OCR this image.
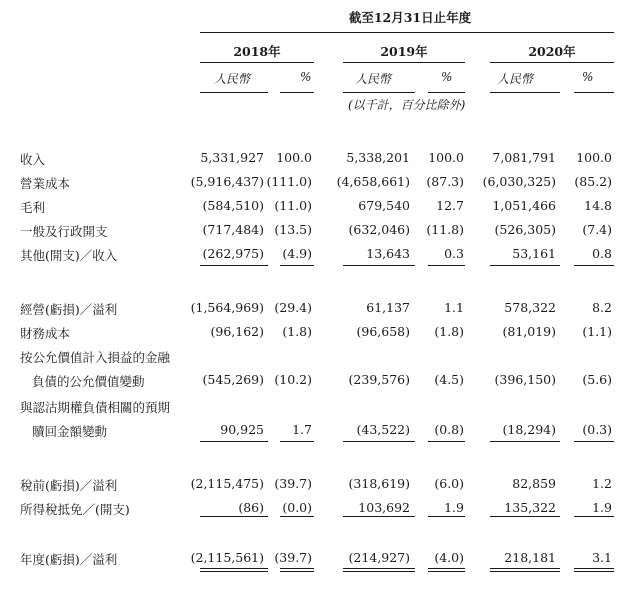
截至12月31日止年度
2018年	2019年	2020年
人民幣	%	人民幣	%	人民幣	%
(以千計，百分比除外)
收入	5,331,927 100.0	5,338,201	100.0	7,081,791	100.0
營業成本	(5,916,437) (111.0)	(4,658,661)	(87.3)	(6,030,325)	(85.2)
毛利	(584,510) (11.0)	679,540	12.7	1,051,466	14.8
一般及行政開支	(717,484) (13.5)	(632,046)	(11.8)	(526,305)	(7.4)
其他(開支)／收入	(262,975)	(4.9)	13,643	0.3	53,161	0.8
經營(虧損)／溢利	(1,564,969) (29.4)	61,137	1.1	578,322	8.2
財務成本	(96,162)	(1.8)	(96,658)	(1.8)	(81,019)	(1.1)
按公允價值計入損益的金融
負債的公允價值變動	(545,269) (10.2)	(239,576)	(4.5)	(396,150)	(5.6)
與認沽期權負債相關的預期
贖回金額變動	90,925	1.7	(43,522)	(0.8)	(18,294)	(0.3)
稅前(虧損)／溢利	(2,115,475) (39.7)	(318,619)	(6.0)	82,859	1.2
所得稅抵免／(開支)	(86)	(0.0)	103,692	1.9	135,322	1.9
年度(虧損)／溢利	(2,115,561) (39.7)	(214,927)	(4.0)	218,181	3.1
